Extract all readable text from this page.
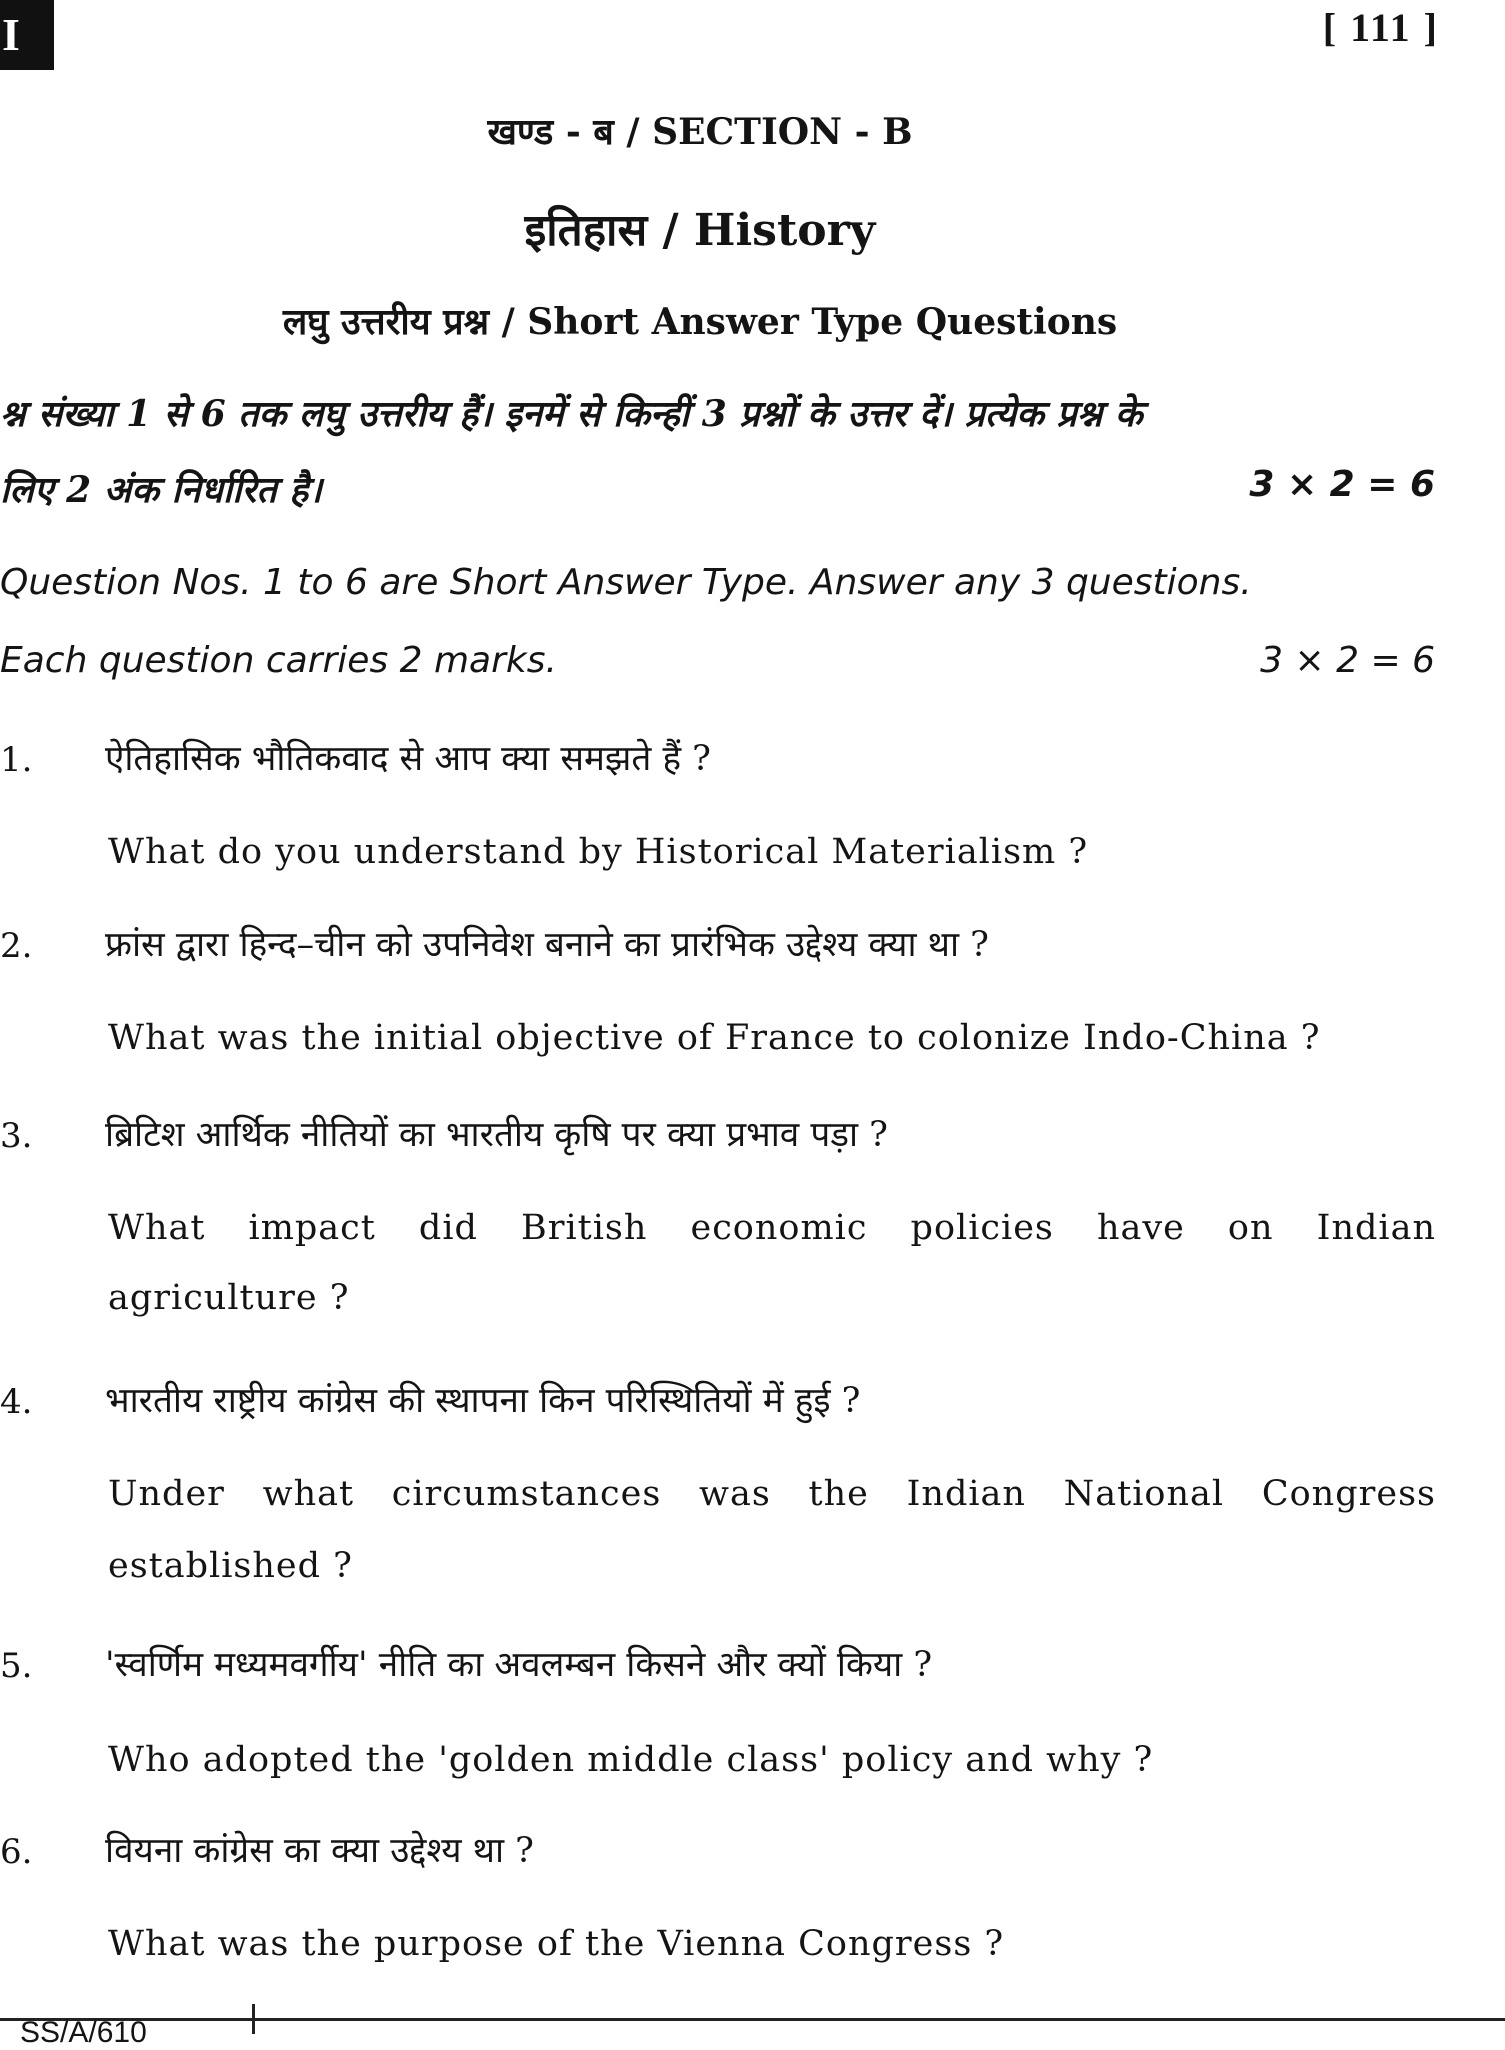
I	[ 111 ]
खण्ड - ब / SECTION - B
इतिहास / History
लघु उत्तरीय प्रश्न / Short Answer Type Questions
श्न संख्या 1 से 6 तक लघु उत्तरीय हैं। इनमें से किन्हीं 3 प्रश्नों के उत्तर दें। प्रत्येक प्रश्न के
लिए 2 अंक निर्धारित है।	3 × 2 = 6
Question Nos. 1 to 6 are Short Answer Type. Answer any 3 questions.
Each question carries 2 marks.	3 × 2 = 6
1. ऐतिहासिक भौतिकवाद से आप क्या समझते हैं ?
What do you understand by Historical Materialism ?
2. फ्रांस द्वारा हिन्द–चीन को उपनिवेश बनाने का प्रारंभिक उद्देश्य क्या था ?
What was the initial objective of France to colonize Indo-China ?
3. ब्रिटिश आर्थिक नीतियों का भारतीय कृषि पर क्या प्रभाव पड़ा ?
What impact did British economic policies have on Indian
agriculture ?
4. भारतीय राष्ट्रीय कांग्रेस की स्थापना किन परिस्थितियों में हुई ?
Under what circumstances was the Indian National Congress
established ?
5. 'स्वर्णिम मध्यमवर्गीय' नीति का अवलम्बन किसने और क्यों किया ?
Who adopted the 'golden middle class' policy and why ?
6. वियना कांग्रेस का क्या उद्देश्य था ?
What was the purpose of the Vienna Congress ?
SS/A/610
